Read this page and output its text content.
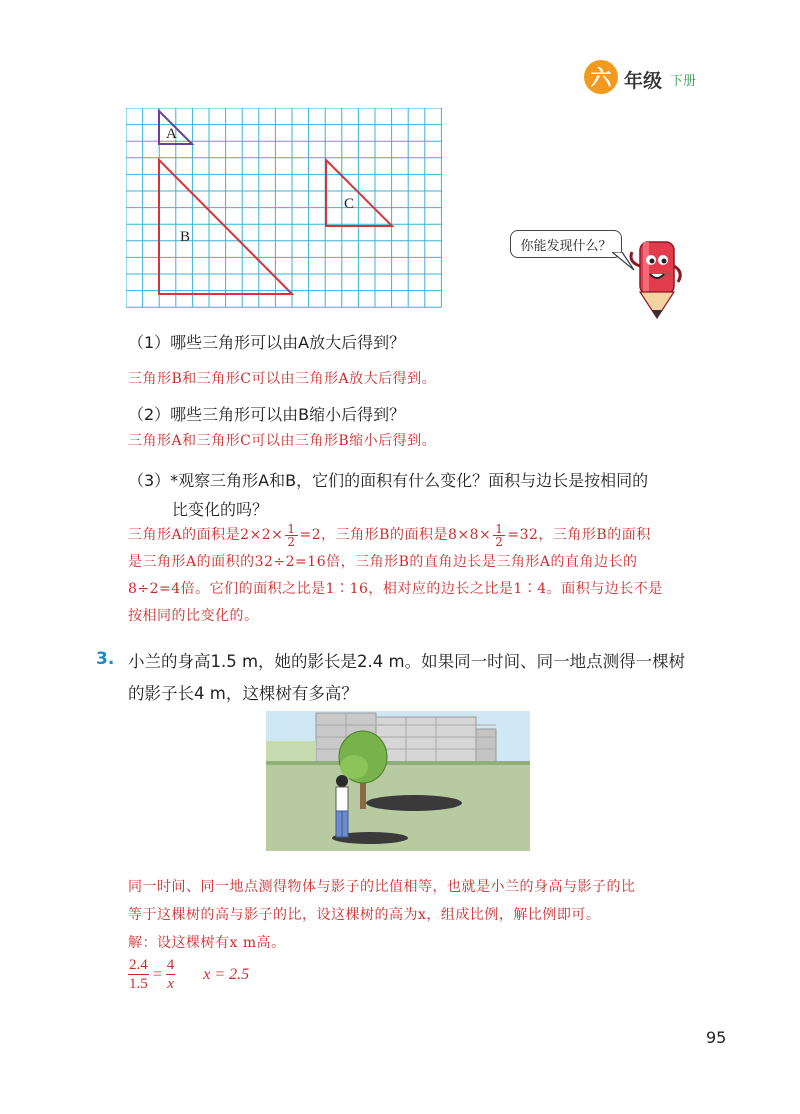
六 年级 下册
A
B
C
你能发现什么？
（1）哪些三角形可以由A放大后得到？
三角形B和三角形C可以由三角形A放大后得到。
（2）哪些三角形可以由B缩小后得到？
三角形A和三角形C可以由三角形B缩小后得到。
（3）*观察三角形A和B，它们的面积有什么变化？面积与边长是按相同的
比变化的吗？
三角形A的面积是$2\times 2\times \frac{1}{2} =2$，三角形B的面积是$8\times 8\times \frac{1}{2} =32$，三角形B的面积
是三角形A的面积的32÷2=16倍，三角形B的直角边长是三角形A的直角边长的
8÷2=4倍。它们的面积之比是1∶16，相对应的边长之比是1∶4。面积与边长不是
按相同的比变化的。
3. 小兰的身高1.5 m，她的影长是2.4 m。如果同一时间、同一地点测得一棵树
的影子长4 m，这棵树有多高？
同一时间、同一地点测得物体与影子的比值相等，也就是小兰的身高与影子的比
等于这棵树的高与影子的比，设这棵树的高为x，组成比例，解比例即可。
解：设这棵树有x m高。
$\frac{2.4}{1.5} = \frac{4}{x}$ x = 2.5
95
